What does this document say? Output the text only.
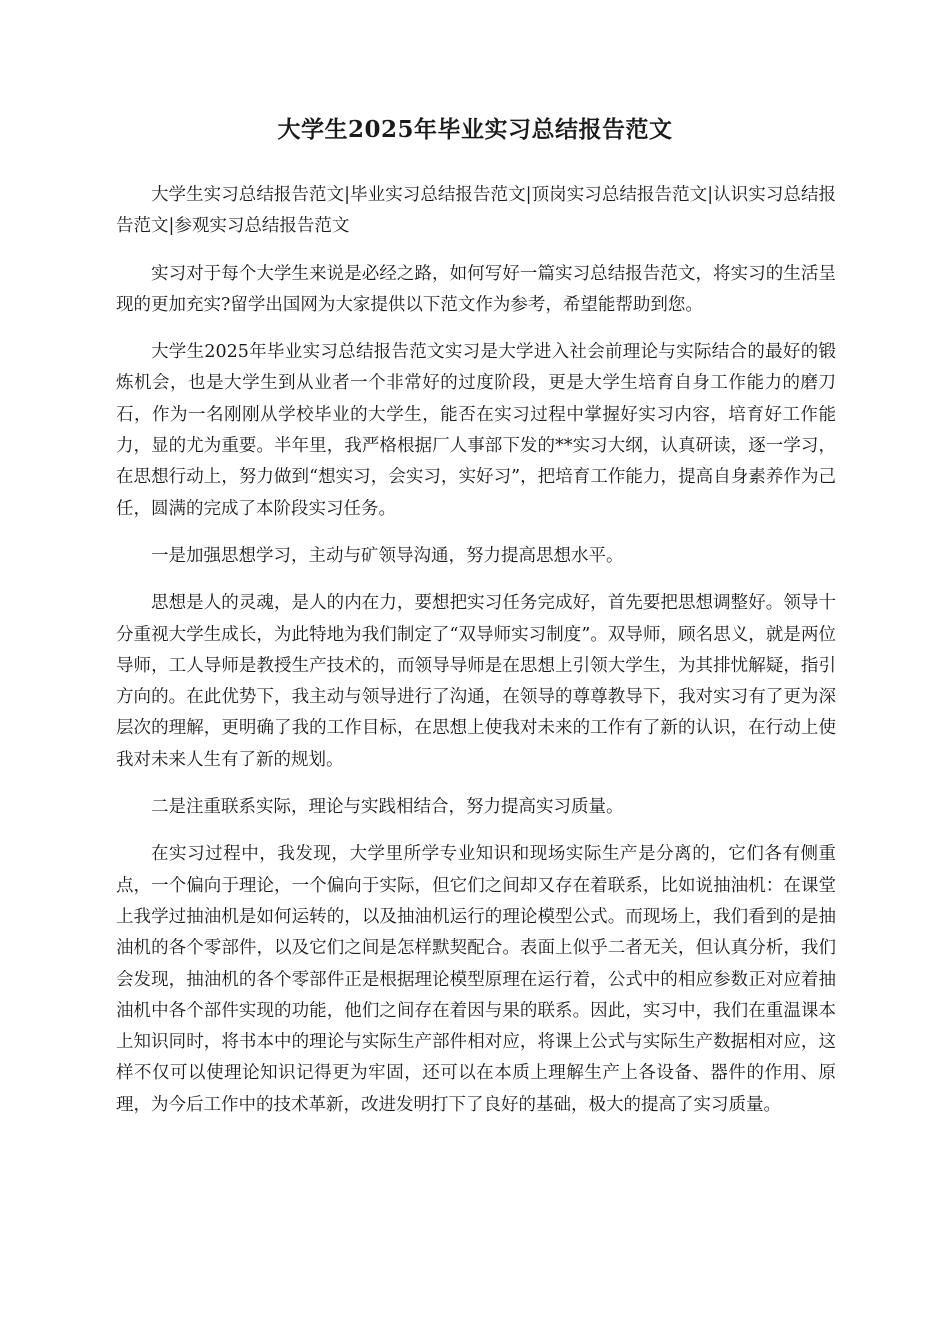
大学生2025年毕业实习总结报告范文

大学生实习总结报告范文|毕业实习总结报告范文|顶岗实习总结报告范文|认识实习总结报告范文|参观实习总结报告范文

实习对于每个大学生来说是必经之路，如何写好一篇实习总结报告范文，将实习的生活呈现的更加充实?留学出国网为大家提供以下范文作为参考，希望能帮助到您。

大学生2025年毕业实习总结报告范文实习是大学进入社会前理论与实际结合的最好的锻炼机会，也是大学生到从业者一个非常好的过度阶段，更是大学生培育自身工作能力的磨刀石，作为一名刚刚从学校毕业的大学生，能否在实习过程中掌握好实习内容，培育好工作能力，显的尤为重要。半年里，我严格根据厂人事部下发的**实习大纲，认真研读，逐一学习，在思想行动上，努力做到“想实习，会实习，实好习”，把培育工作能力，提高自身素养作为己任，圆满的完成了本阶段实习任务。

一是加强思想学习，主动与矿领导沟通，努力提高思想水平。

思想是人的灵魂，是人的内在力，要想把实习任务完成好，首先要把思想调整好。领导十分重视大学生成长，为此特地为我们制定了“双导师实习制度”。双导师，顾名思义，就是两位导师，工人导师是教授生产技术的，而领导导师是在思想上引领大学生，为其排忧解疑，指引方向的。在此优势下，我主动与领导进行了沟通，在领导的尊尊教导下，我对实习有了更为深层次的理解，更明确了我的工作目标，在思想上使我对未来的工作有了新的认识，在行动上使我对未来人生有了新的规划。

二是注重联系实际，理论与实践相结合，努力提高实习质量。

在实习过程中，我发现，大学里所学专业知识和现场实际生产是分离的，它们各有侧重点，一个偏向于理论，一个偏向于实际，但它们之间却又存在着联系，比如说抽油机：在课堂上我学过抽油机是如何运转的，以及抽油机运行的理论模型公式。而现场上，我们看到的是抽油机的各个零部件，以及它们之间是怎样默契配合。表面上似乎二者无关，但认真分析，我们会发现，抽油机的各个零部件正是根据理论模型原理在运行着，公式中的相应参数正对应着抽油机中各个部件实现的功能，他们之间存在着因与果的联系。因此，实习中，我们在重温课本上知识同时，将书本中的理论与实际生产部件相对应，将课上公式与实际生产数据相对应，这样不仅可以使理论知识记得更为牢固，还可以在本质上理解生产上各设备、器件的作用、原理，为今后工作中的技术革新，改进发明打下了良好的基础，极大的提高了实习质量。
